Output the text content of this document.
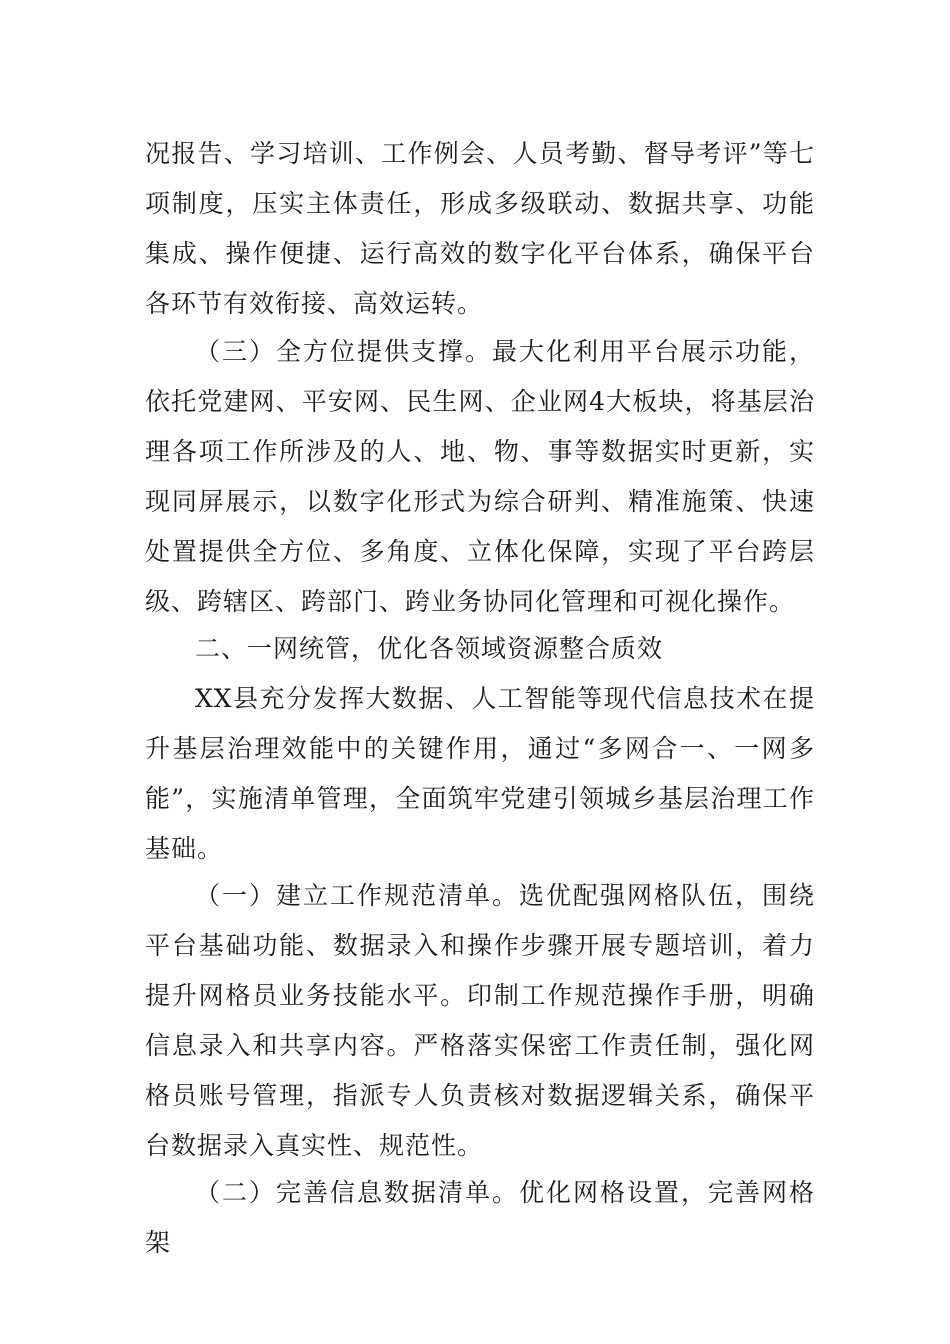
况报告、学习培训、工作例会、人员考勤、督导考评”等七项制度，压实主体责任，形成多级联动、数据共享、功能集成、操作便捷、运行高效的数字化平台体系，确保平台各环节有效衔接、高效运转。

（三）全方位提供支撑。最大化利用平台展示功能，依托党建网、平安网、民生网、企业网4大板块，将基层治理各项工作所涉及的人、地、物、事等数据实时更新，实现同屏展示，以数字化形式为综合研判、精准施策、快速处置提供全方位、多角度、立体化保障，实现了平台跨层级、跨辖区、跨部门、跨业务协同化管理和可视化操作。

二、一网统管，优化各领域资源整合质效

XX县充分发挥大数据、人工智能等现代信息技术在提升基层治理效能中的关键作用，通过“多网合一、一网多能”，实施清单管理，全面筑牢党建引领城乡基层治理工作基础。

（一）建立工作规范清单。选优配强网格队伍，围绕平台基础功能、数据录入和操作步骤开展专题培训，着力提升网格员业务技能水平。印制工作规范操作手册，明确信息录入和共享内容。严格落实保密工作责任制，强化网格员账号管理，指派专人负责核对数据逻辑关系，确保平台数据录入真实性、规范性。

（二）完善信息数据清单。优化网格设置，完善网格架
